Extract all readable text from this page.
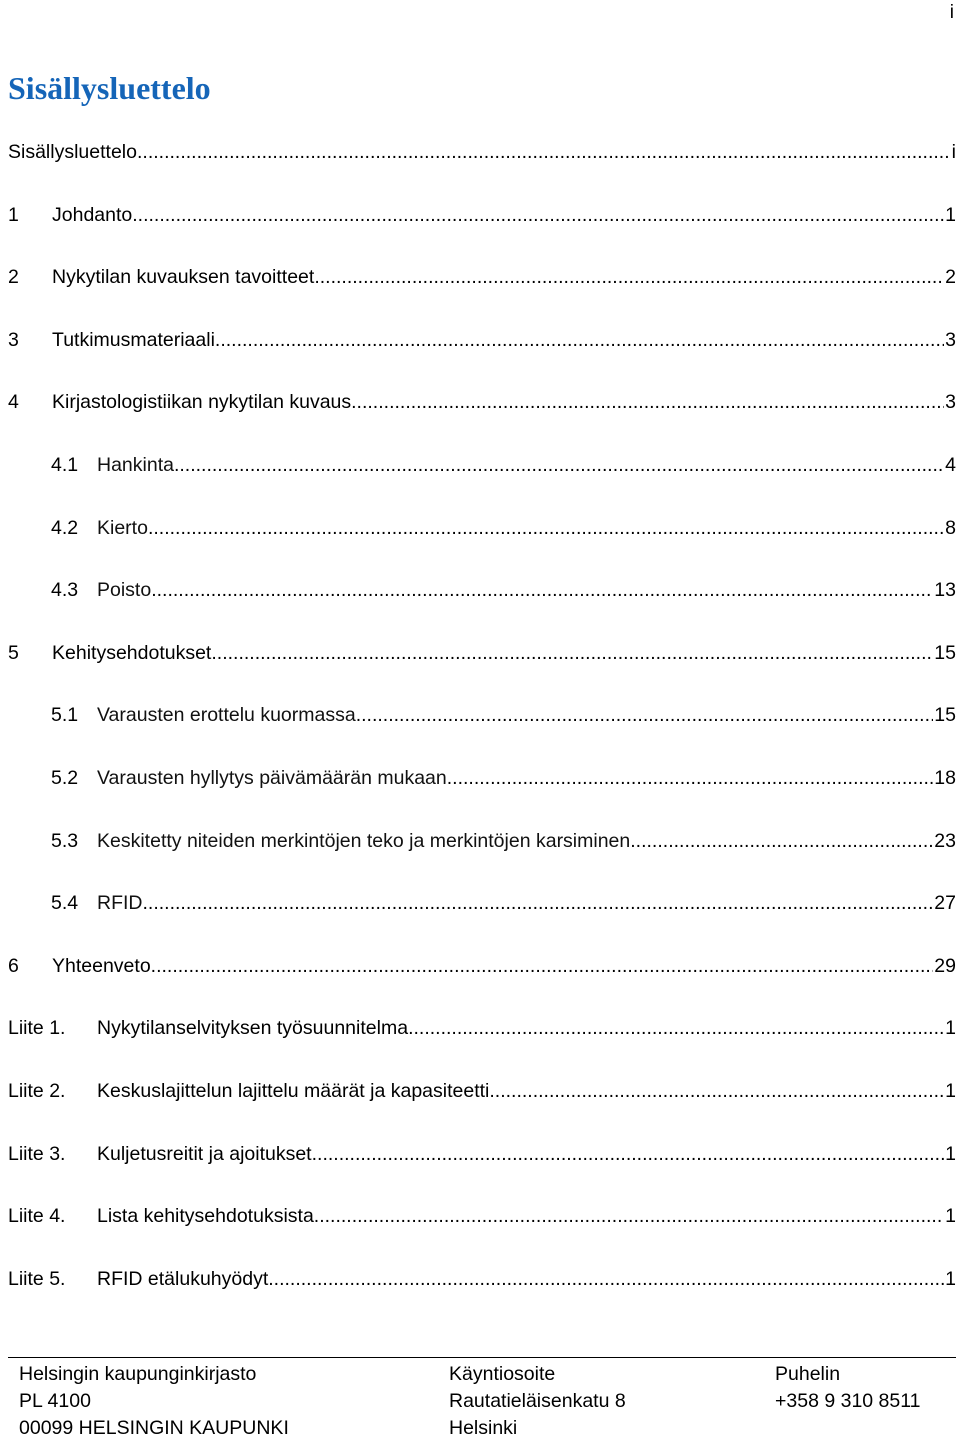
i
Sisällysluettelo
Sisällysluettelo .....	i
1	Johdanto .....	1
2	Nykytilan kuvauksen tavoitteet .....	2
3	Tutkimusmateriaali .....	3
4	Kirjastologistiikan nykytilan kuvaus .....	3
4.1 Hankinta .....	4
4.2 Kierto .....	8
4.3 Poisto .....	13
5	Kehitysehdotukset .....	15
5.1 Varausten erottelu kuormassa .....	15
5.2 Varausten hyllytys päivämäärän mukaan .....	18
5.3 Keskitetty niteiden merkintöjen teko ja merkintöjen karsiminen .....	23
5.4 RFID .....	27
6	Yhteenveto .....	29
Liite 1.	Nykytilanselvityksen työsuunnitelma .....	1
Liite 2.	Keskuslajittelun lajittelu määrät ja kapasiteetti .....	1
Liite 3.	Kuljetusreitit ja ajoitukset .....	1
Liite 4.	Lista kehitysehdotuksista .....	1
Liite 5.	RFID etälukuhyödyt .....	1
Helsingin kaupunginkirjasto
PL 4100
00099 HELSINGIN KAUPUNKI
Käyntiosoite
Rautatieläisenkatu 8
Helsinki
Puhelin
+358 9 310 8511
